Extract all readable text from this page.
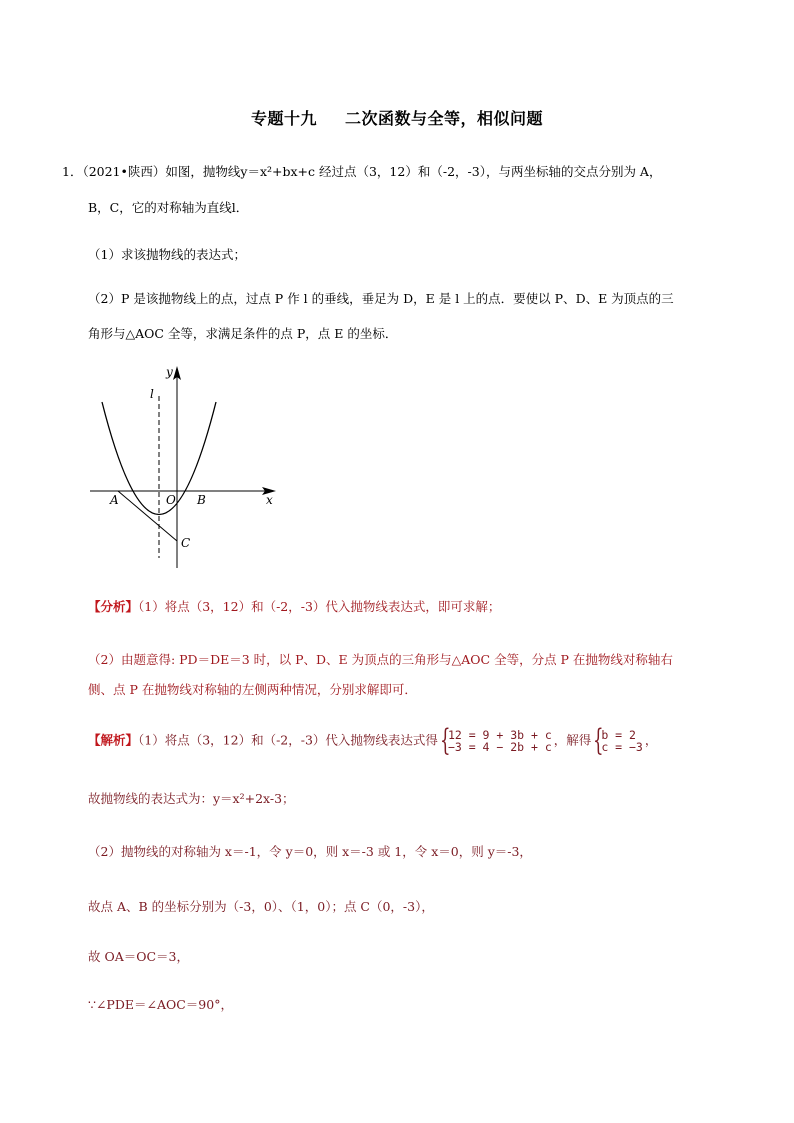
专题十九 二次函数与全等，相似问题
1．（2021•陕西）如图，抛物线y＝x²+bx+c 经过点（3，12）和（-2，-3），与两坐标轴的交点分别为 A，
B，C，它的对称轴为直线l．
（1）求该抛物线的表达式；
（2）P 是该抛物线上的点，过点 P 作 l 的垂线，垂足为 D，E 是 l 上的点．要使以 P、D、E 为顶点的三
角形与△AOC 全等，求满足条件的点 P，点 E 的坐标．
y
l
x
A	O B
C
【分析】（1）将点（3，12）和（-2，-3）代入抛物线表达式，即可求解；
（2）由题意得: PD＝DE＝3 时，以 P、D、E 为顶点的三角形与△AOC 全等，分点 P 在抛物线对称轴右
侧、点 P 在抛物线对称轴的左侧两种情况，分别求解即可．
【解析】（1）将点（3，12）和（-2，-3）代入抛物线表达式得 {
12 = 9 + 3b + c
−3 = 4 − 2b + c ，解得 {
b = 2
c = −3 ，
故抛物线的表达式为：y＝x²+2x-3；
（2）抛物线的对称轴为 x＝-1，令 y＝0，则 x＝-3 或 1，令 x＝0，则 y＝-3，
故点 A、B 的坐标分别为（-3，0）、（1，0）；点 C（0，-3），
故 OA＝OC＝3，
∵∠PDE＝∠AOC＝90°，
